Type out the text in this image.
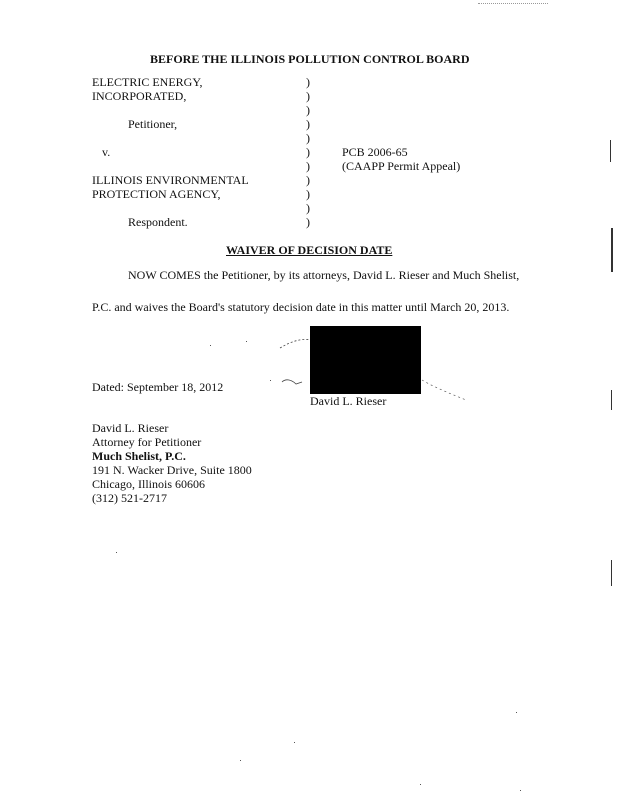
BEFORE THE ILLINOIS POLLUTION CONTROL BOARD
ELECTRIC ENERGY,
INCORPORATED,
Petitioner,
v.
ILLINOIS ENVIRONMENTAL
PROTECTION AGENCY,
Respondent.
)
)
)
)
)
)
)
)
)
)
)
PCB 2006-65
(CAAPP Permit Appeal)
WAIVER OF DECISION DATE
NOW COMES the Petitioner, by its attorneys, David L. Rieser and Much Shelist,
P.C. and waives the Board's statutory decision date in this matter until March 20, 2013.
Dated: September 18, 2012
David L. Rieser
David L. Rieser
Attorney for Petitioner
Much Shelist, P.C.
191 N. Wacker Drive, Suite 1800
Chicago, Illinois 60606
(312) 521-2717
